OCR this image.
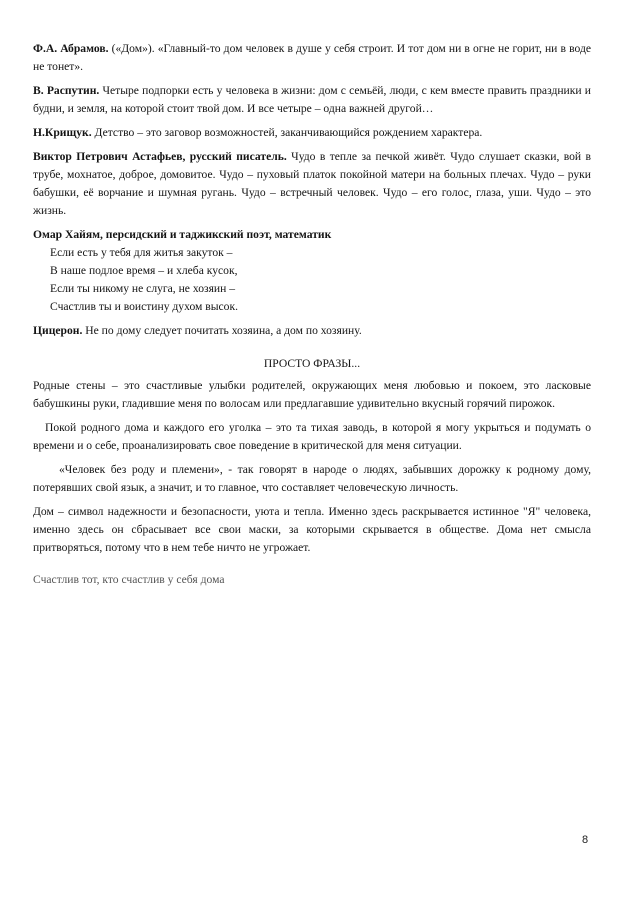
Ф.А. Абрамов. («Дом»). «Главный-то дом человек в душе у себя строит. И тот дом ни в огне не горит, ни в воде не тонет».

В. Распутин. Четыре подпорки есть у человека в жизни: дом с семьёй, люди, с кем вместе править праздники и будни, и земля, на которой стоит твой дом. И все четыре – одна важней другой…

Н.Крищук. Детство – это заговор возможностей, заканчивающийся рождением характера.

Виктор Петрович Астафьев, русский писатель. Чудо в тепле за печкой живёт. Чудо слушает сказки, вой в трубе, мохнатое, доброе, домовитое. Чудо – пуховый платок покойной матери на больных плечах. Чудо – руки бабушки, её ворчание и шумная ругань. Чудо – встречный человек. Чудо – его голос, глаза, уши. Чудо – это жизнь.

Омар Хайям, персидский и таджикский поэт, математик
Если есть у тебя для житья закуток –
В наше подлое время – и хлеба кусок,
Если ты никому не слуга, не хозяин –
Счастлив ты и воистину духом высок.

Цицерон. Не по дому следует почитать хозяина, а дом по хозяину.

ПРОСТО ФРАЗЫ...

Родные стены – это счастливые улыбки родителей, окружающих меня любовью и покоем, это ласковые бабушкины руки, гладившие меня по волосам или предлагавшие удивительно вкусный горячий пирожок.

Покой родного дома и каждого его уголка – это та тихая заводь, в которой я могу укрыться и подумать о времени и о себе, проанализировать свое поведение в критической для меня ситуации.

«Человек без роду и племени», - так говорят в народе о людях, забывших дорожку к родному дому, потерявших свой язык, а значит, и то главное, что составляет человеческую личность.

Дом – символ надежности и безопасности, уюта и тепла. Именно здесь раскрывается истинное "Я" человека, именно здесь он сбрасывает все свои маски, за которыми скрывается в обществе. Дома нет смысла притворяться, потому что в нем тебе ничто не угрожает.

Счастлив тот, кто счастлив у себя дома

8
